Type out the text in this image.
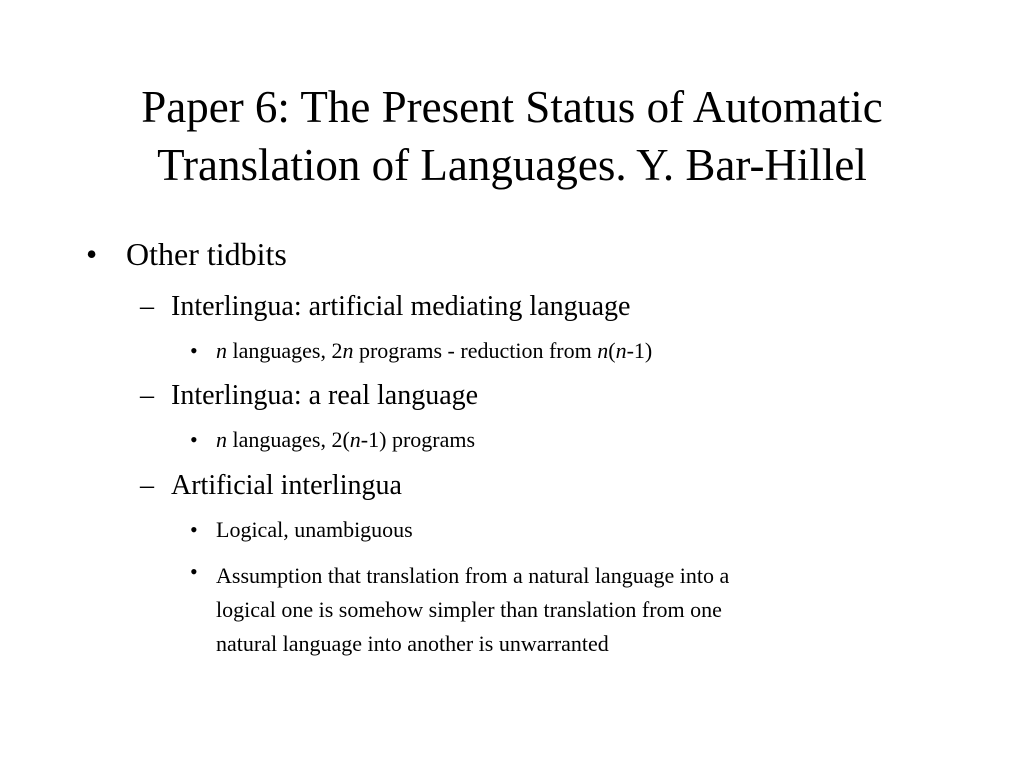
Paper 6: The Present Status of Automatic
Translation of Languages. Y. Bar-Hillel
• Other tidbits
– Interlingua: artificial mediating language
• n languages, 2n programs - reduction from n(n-1)
– Interlingua: a real language
• n languages, 2(n-1) programs
– Artificial interlingua
• Logical, unambiguous
• Assumption that translation from a natural language into a
logical one is somehow simpler than translation from one
natural language into another is unwarranted
